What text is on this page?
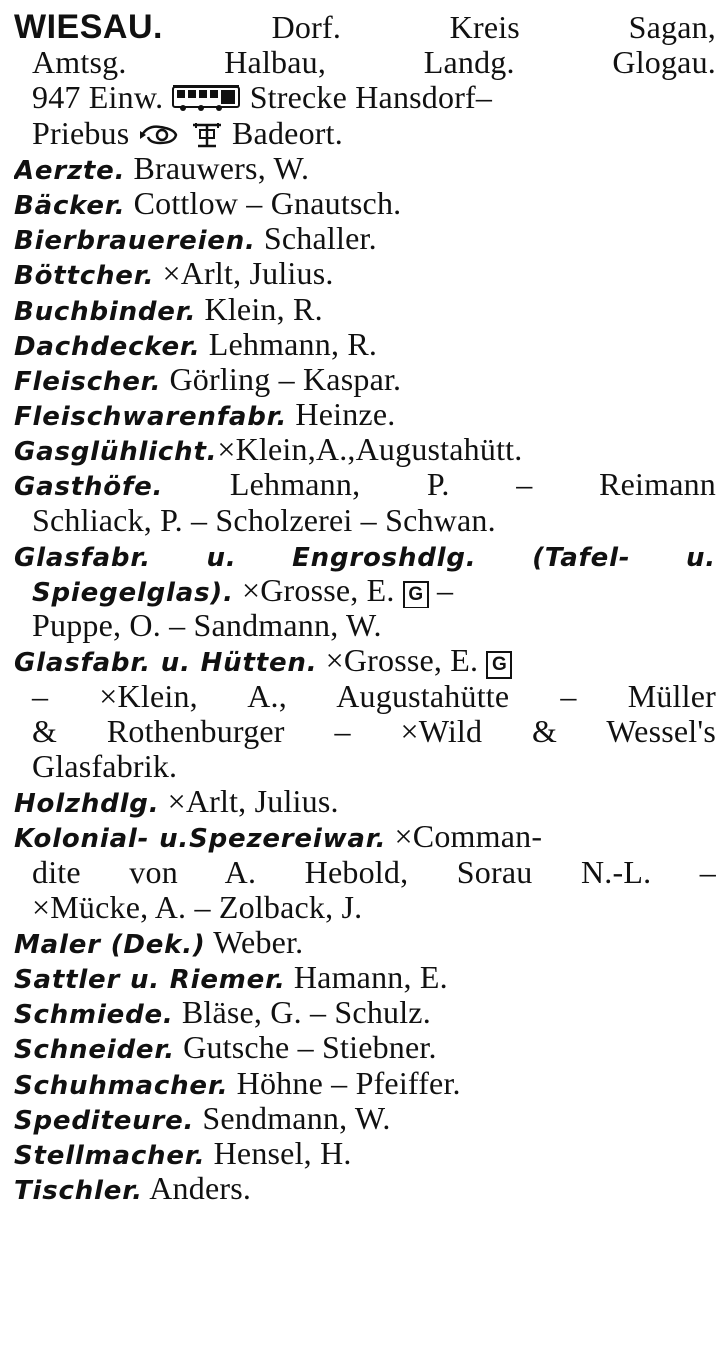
WIESAU.	Dorf. Kreis Sagan,
Amtsg. Halbau, Landg. Glogau.
947 Einw.	Strecke Hansdorf–
Priebus	Badeort.
Aerzte. Brauwers, W.
Bäcker. Cottlow – Gnautsch.
Bierbrauereien. Schaller.
Böttcher. ×Arlt, Julius.
Buchbinder. Klein, R.
Dachdecker. Lehmann, R.
Fleischer. Görling – Kaspar.
Fleischwarenfabr. Heinze.
Gasglühlicht.×Klein,A.,Augustahütt.
Gasthöfe. Lehmann, P. – Reimann
Schliack, P. – Scholzerei – Schwan.
Glasfabr. u. Engroshdlg. (Tafel- u.
Spiegelglas). ×Grosse, E. G –
Puppe, O. – Sandmann, W.
Glasfabr. u. Hütten. ×Grosse, E. G
– ×Klein, A., Augustahütte – Müller
& Rothenburger – ×Wild & Wessel's
Glasfabrik.
Holzhdlg. ×Arlt, Julius.
Kolonial- u.Spezereiwar. ×Comman-
dite von A. Hebold, Sorau N.-L. –
×Mücke, A. – Zolback, J.
Maler (Dek.) Weber.
Sattler u. Riemer. Hamann, E.
Schmiede. Bläse, G. – Schulz.
Schneider. Gutsche – Stiebner.
Schuhmacher. Höhne – Pfeiffer.
Spediteure. Sendmann, W.
Stellmacher. Hensel, H.
Tischler. Anders.
